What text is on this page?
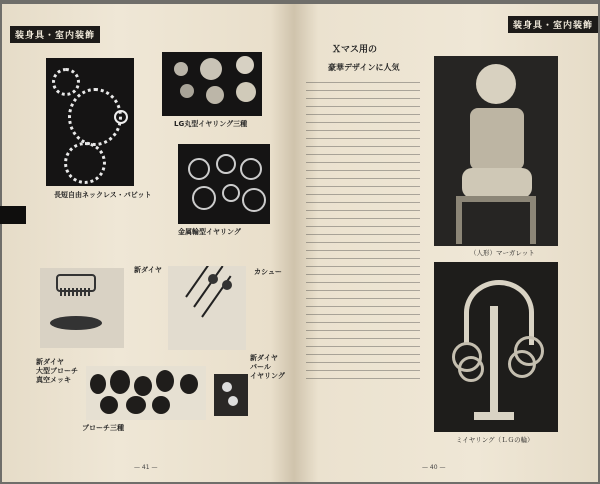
装身具・室内装飾
長短自由ネックレス・パビット
LG丸型イヤリング三種
金属輪型イヤリング
新ダイヤ	カシュー
新ダイヤ
大型ブローチ
真空メッキ
ブローチ三種
新ダイヤ
パール
イヤリング
— 41 —
装身具・室内装飾
Ｘマス用の
豪華デザインに人気
（人形）マーガレット
ミイヤリング（ＬＧの輪）
— 40 —
